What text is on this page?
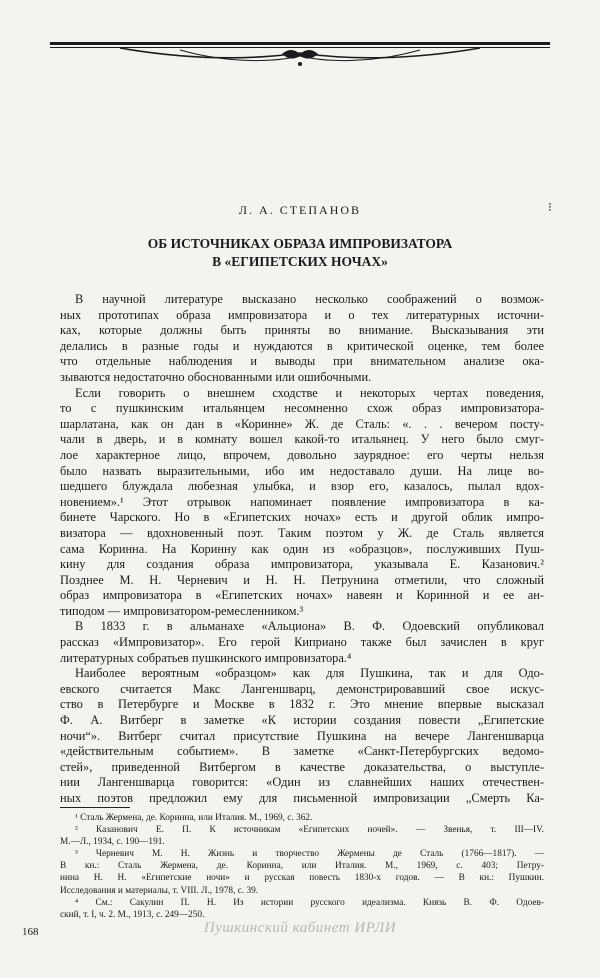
⁝
Л. А. СТЕПАНОВ
ОБ ИСТОЧНИКАХ ОБРАЗА ИМПРОВИЗАТОРА
В «ЕГИПЕТСКИХ НОЧАХ»
В научной литературе высказано несколько соображений о возмож-
ных прототипах образа импровизатора и о тех литературных источни-
ках, которые должны быть приняты во внимание. Высказывания эти
делались в разные годы и нуждаются в критической оценке, тем более
что отдельные наблюдения и выводы при внимательном анализе ока-
зываются недостаточно обоснованными или ошибочными.
Если говорить о внешнем сходстве и некоторых чертах поведения,
то с пушкинским итальянцем несомненно схож образ импровизатора-
шарлатана, как он дан в «Коринне» Ж. де Сталь: «. . . вечером посту-
чали в дверь, и в комнату вошел какой-то итальянец. У него было смуг-
лое характерное лицо, впрочем, довольно заурядное: его черты нельзя
было назвать выразительными, ибо им недоставало души. На лице во-
шедшего блуждала любезная улыбка, и взор его, казалось, пылал вдох-
новением».¹ Этот отрывок напоминает появление импровизатора в ка-
бинете Чарского. Но в «Египетских ночах» есть и другой облик импро-
визатора — вдохновенный поэт. Таким поэтом у Ж. де Сталь является
сама Коринна. На Коринну как один из «образцов», послуживших Пуш-
кину для создания образа импровизатора, указывала Е. Казанович.²
Позднее М. Н. Черневич и Н. Н. Петрунина отметили, что сложный
образ импровизатора в «Египетских ночах» навеян и Коринной и ее ан-
типодом — импровизатором-ремесленником.³
В 1833 г. в альманахе «Альциона» В. Ф. Одоевский опубликовал
рассказ «Импровизатор». Его герой Киприано также был зачислен в круг
литературных собратьев пушкинского импровизатора.⁴
Наиболее вероятным «образцом» как для Пушкина, так и для Одо-
евского считается Макс Лангеншварц, демонстрировавший свое искус-
ство в Петербурге и Москве в 1832 г. Это мнение впервые высказал
Ф. А. Витберг в заметке «К истории создания повести „Египетские
ночи“». Витберг считал присутствие Пушкина на вечере Лангеншварца
«действительным событием». В заметке «Санкт-Петербургских ведомо-
стей», приведенной Витбергом в качестве доказательства, о выступле-
нии Лангеншварца говорится: «Один из славнейших наших отечествен-
ных поэтов предложил ему для письменной импровизации „Смерть Ка-
¹ Сталь Жермена, де. Коринна, или Италия. М., 1969, с. 362.
² Казанович Е. П. К источникам «Египетских ночей». — Звенья, т. III—IV.
М.—Л., 1934, с. 190—191.
³ Черневич М. Н. Жизнь и творчество Жермены де Сталь (1766—1817). —
В кн.: Сталь Жермена, де. Коринна, или Италия. М., 1969, с. 403; Петру-
нина Н. Н. «Египетские ночи» и русская повесть 1830-х годов. — В кн.: Пушкин.
Исследования и материалы, т. VIII. Л., 1978, с. 39.
⁴ См.: Сакулин П. Н. Из истории русского идеализма. Князь В. Ф. Одоев-
ский, т. I, ч. 2. М., 1913, с. 249—250.
168	Пушкинский кабинет ИРЛИ
